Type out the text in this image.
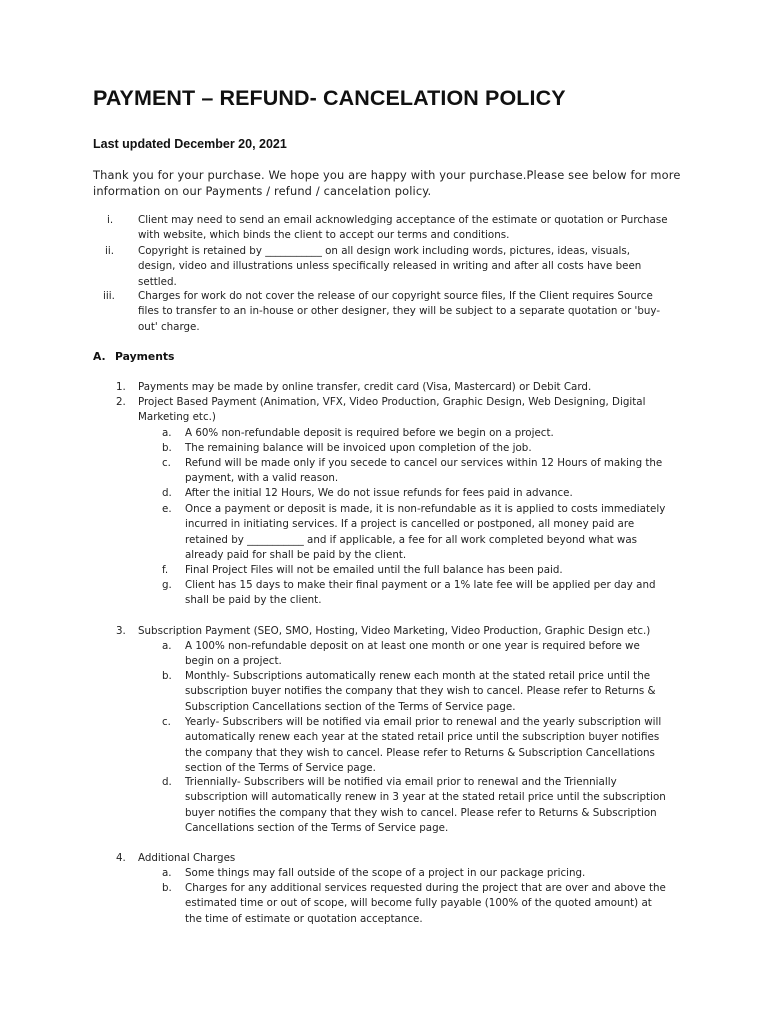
PAYMENT – REFUND- CANCELATION POLICY
Last updated December 20, 2021
Thank you for your purchase. We hope you are happy with your purchase.Please see below for more information on our Payments / refund / cancelation policy.
i. Client may need to send an email acknowledging acceptance of the estimate or quotation or Purchase with website, which binds the client to accept our terms and conditions.
ii. Copyright is retained by ___________ on all design work including words, pictures, ideas, visuals, design, video and illustrations unless specifically released in writing and after all costs have been settled.
iii. Charges for work do not cover the release of our copyright source files, If the Client requires Source files to transfer to an in-house or other designer, they will be subject to a separate quotation or 'buy-out' charge.
A. Payments
1. Payments may be made by online transfer, credit card (Visa, Mastercard) or Debit Card.
2. Project Based Payment (Animation, VFX, Video Production, Graphic Design, Web Designing, Digital Marketing etc.)
a. A 60% non-refundable deposit is required before we begin on a project.
b. The remaining balance will be invoiced upon completion of the job.
c. Refund will be made only if you secede to cancel our services within 12 Hours of making the payment, with a valid reason.
d. After the initial 12 Hours, We do not issue refunds for fees paid in advance.
e. Once a payment or deposit is made, it is non-refundable as it is applied to costs immediately incurred in initiating services. If a project is cancelled or postponed, all money paid are retained by ___________ and if applicable, a fee for all work completed beyond what was already paid for shall be paid by the client.
f. Final Project Files will not be emailed until the full balance has been paid.
g. Client has 15 days to make their final payment or a 1% late fee will be applied per day and shall be paid by the client.
3. Subscription Payment (SEO, SMO, Hosting, Video Marketing, Video Production, Graphic Design etc.)
a. A 100% non-refundable deposit on at least one month or one year is required before we begin on a project.
b. Monthly- Subscriptions automatically renew each month at the stated retail price until the subscription buyer notifies the company that they wish to cancel. Please refer to Returns & Subscription Cancellations section of the Terms of Service page.
c. Yearly- Subscribers will be notified via email prior to renewal and the yearly subscription will automatically renew each year at the stated retail price until the subscription buyer notifies the company that they wish to cancel. Please refer to Returns & Subscription Cancellations section of the Terms of Service page.
d. Triennially- Subscribers will be notified via email prior to renewal and the Triennially subscription will automatically renew in 3 year at the stated retail price until the subscription buyer notifies the company that they wish to cancel. Please refer to Returns & Subscription Cancellations section of the Terms of Service page.
4. Additional Charges
a. Some things may fall outside of the scope of a project in our package pricing.
b. Charges for any additional services requested during the project that are over and above the estimated time or out of scope, will become fully payable (100% of the quoted amount) at the time of estimate or quotation acceptance.
